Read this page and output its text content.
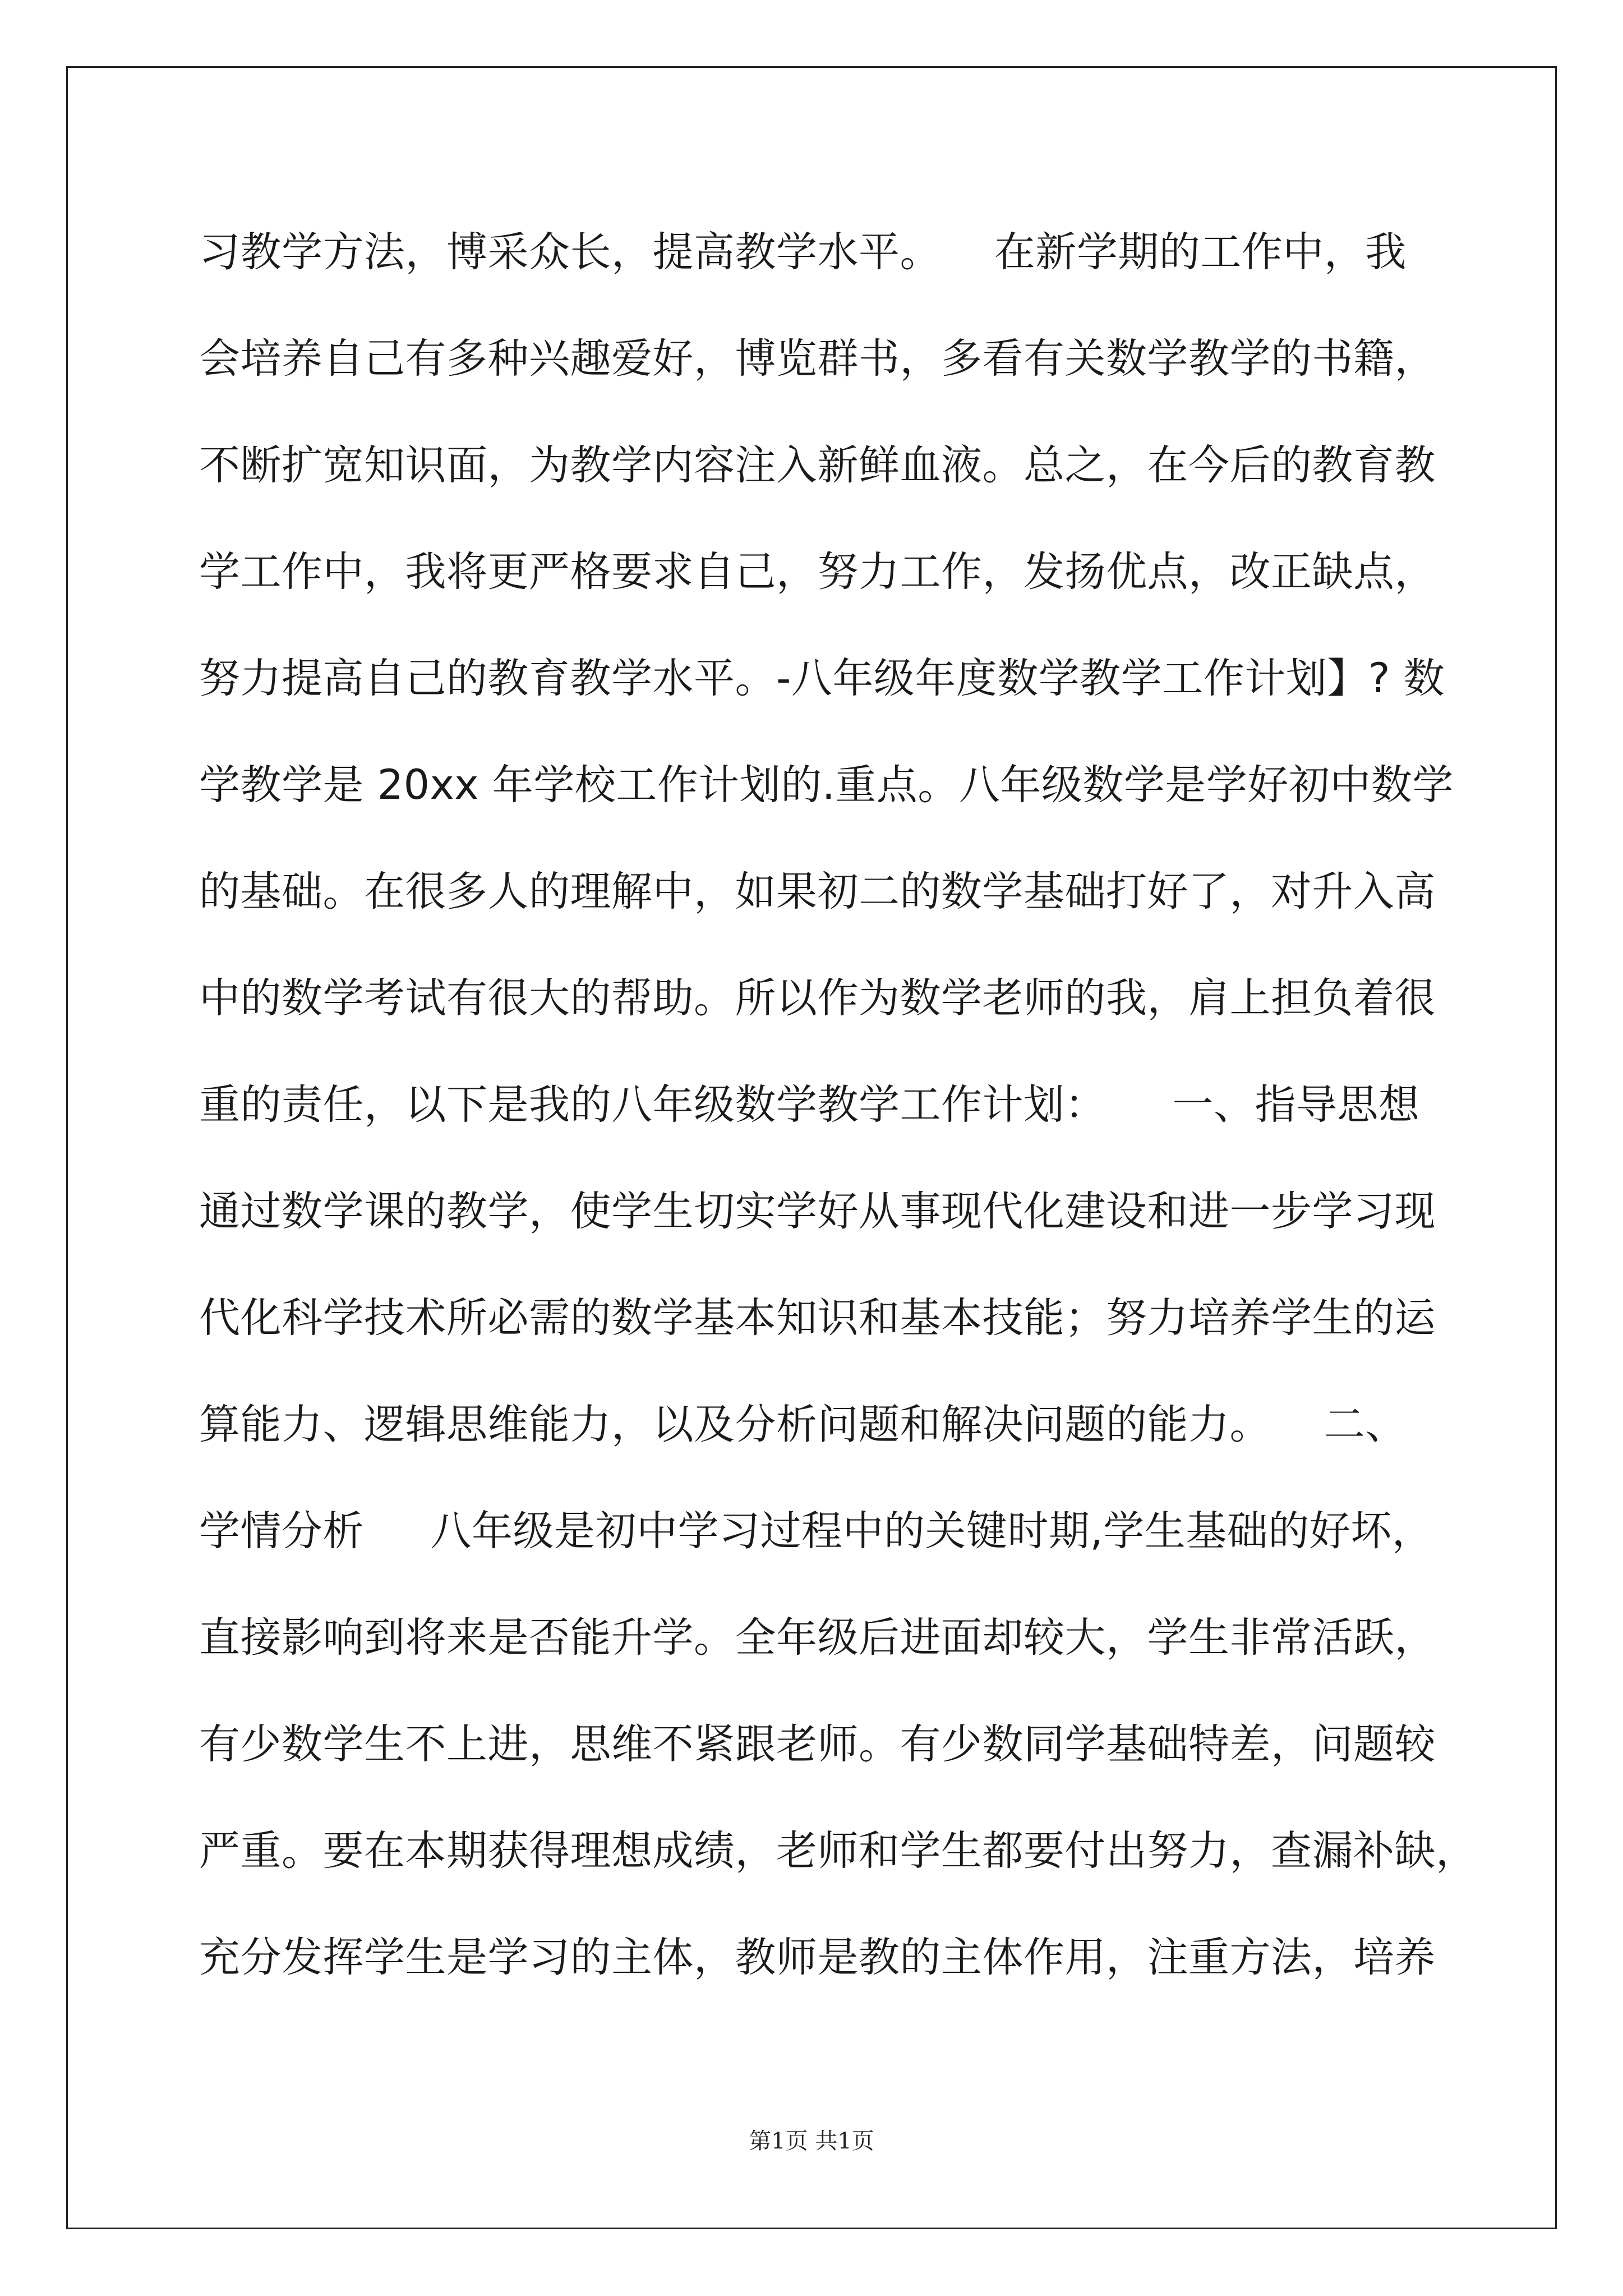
习教学方法，博采众长，提高教学水平。    在新学期的工作中，我
会培养自己有多种兴趣爱好，博览群书，多看有关数学教学的书籍，
不断扩宽知识面，为教学内容注入新鲜血液。总之，在今后的教育教
学工作中，我将更严格要求自己，努力工作，发扬优点，改正缺点，
努力提高自己的教育教学水平。-八年级年度数学教学工作计划】? 数
学教学是 20xx 年学校工作计划的.重点。八年级数学是学好初中数学
的基础。在很多人的理解中，如果初二的数学基础打好了，对升入高
中的数学考试有很大的帮助。所以作为数学老师的我，肩上担负着很
重的责任，以下是我的八年级数学教学工作计划：     一、指导思想
通过数学课的教学，使学生切实学好从事现代化建设和进一步学习现
代化科学技术所必需的数学基本知识和基本技能；努力培养学生的运
算能力、逻辑思维能力，以及分析问题和解决问题的能力。    二、
学情分析     八年级是初中学习过程中的关键时期,学生基础的好坏，
直接影响到将来是否能升学。全年级后进面却较大，学生非常活跃，
有少数学生不上进，思维不紧跟老师。有少数同学基础特差，问题较
严重。要在本期获得理想成绩，老师和学生都要付出努力，查漏补缺，
充分发挥学生是学习的主体，教师是教的主体作用，注重方法，培养
第1页 共1页
